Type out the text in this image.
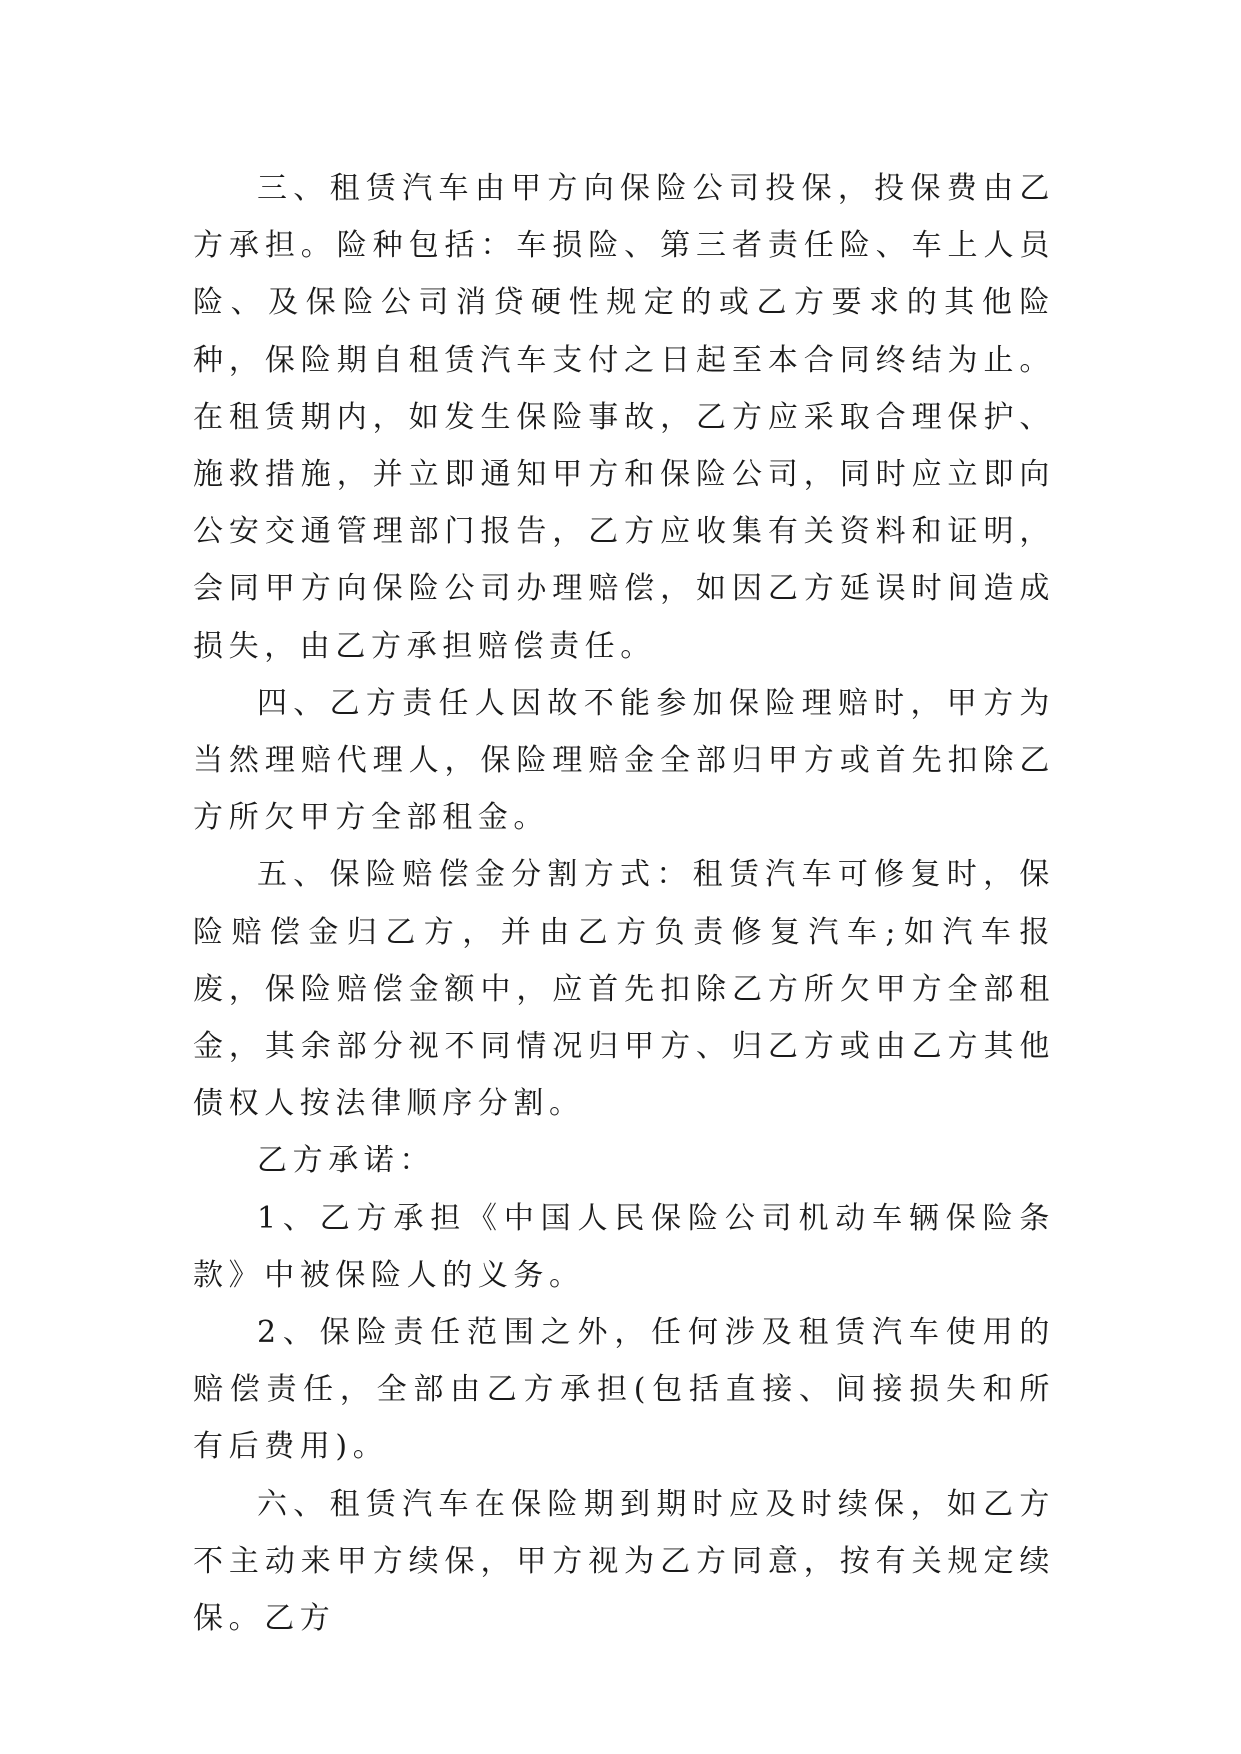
三、租赁汽车由甲方向保险公司投保，投保费由乙方承担。险种包括：车损险、第三者责任险、车上人员险、及保险公司消贷硬性规定的或乙方要求的其他险种，保险期自租赁汽车支付之日起至本合同终结为止。在租赁期内，如发生保险事故，乙方应采取合理保护、施救措施，并立即通知甲方和保险公司，同时应立即向公安交通管理部门报告，乙方应收集有关资料和证明，会同甲方向保险公司办理赔偿，如因乙方延误时间造成损失，由乙方承担赔偿责任。

四、乙方责任人因故不能参加保险理赔时，甲方为当然理赔代理人，保险理赔金全部归甲方或首先扣除乙方所欠甲方全部租金。

五、保险赔偿金分割方式：租赁汽车可修复时，保险赔偿金归乙方，并由乙方负责修复汽车;如汽车报废，保险赔偿金额中，应首先扣除乙方所欠甲方全部租金，其余部分视不同情况归甲方、归乙方或由乙方其他债权人按法律顺序分割。

乙方承诺：

1、乙方承担《中国人民保险公司机动车辆保险条款》中被保险人的义务。

2、保险责任范围之外，任何涉及租赁汽车使用的赔偿责任，全部由乙方承担(包括直接、间接损失和所有后费用)。

六、租赁汽车在保险期到期时应及时续保，如乙方不主动来甲方续保，甲方视为乙方同意，按有关规定续保。乙方
